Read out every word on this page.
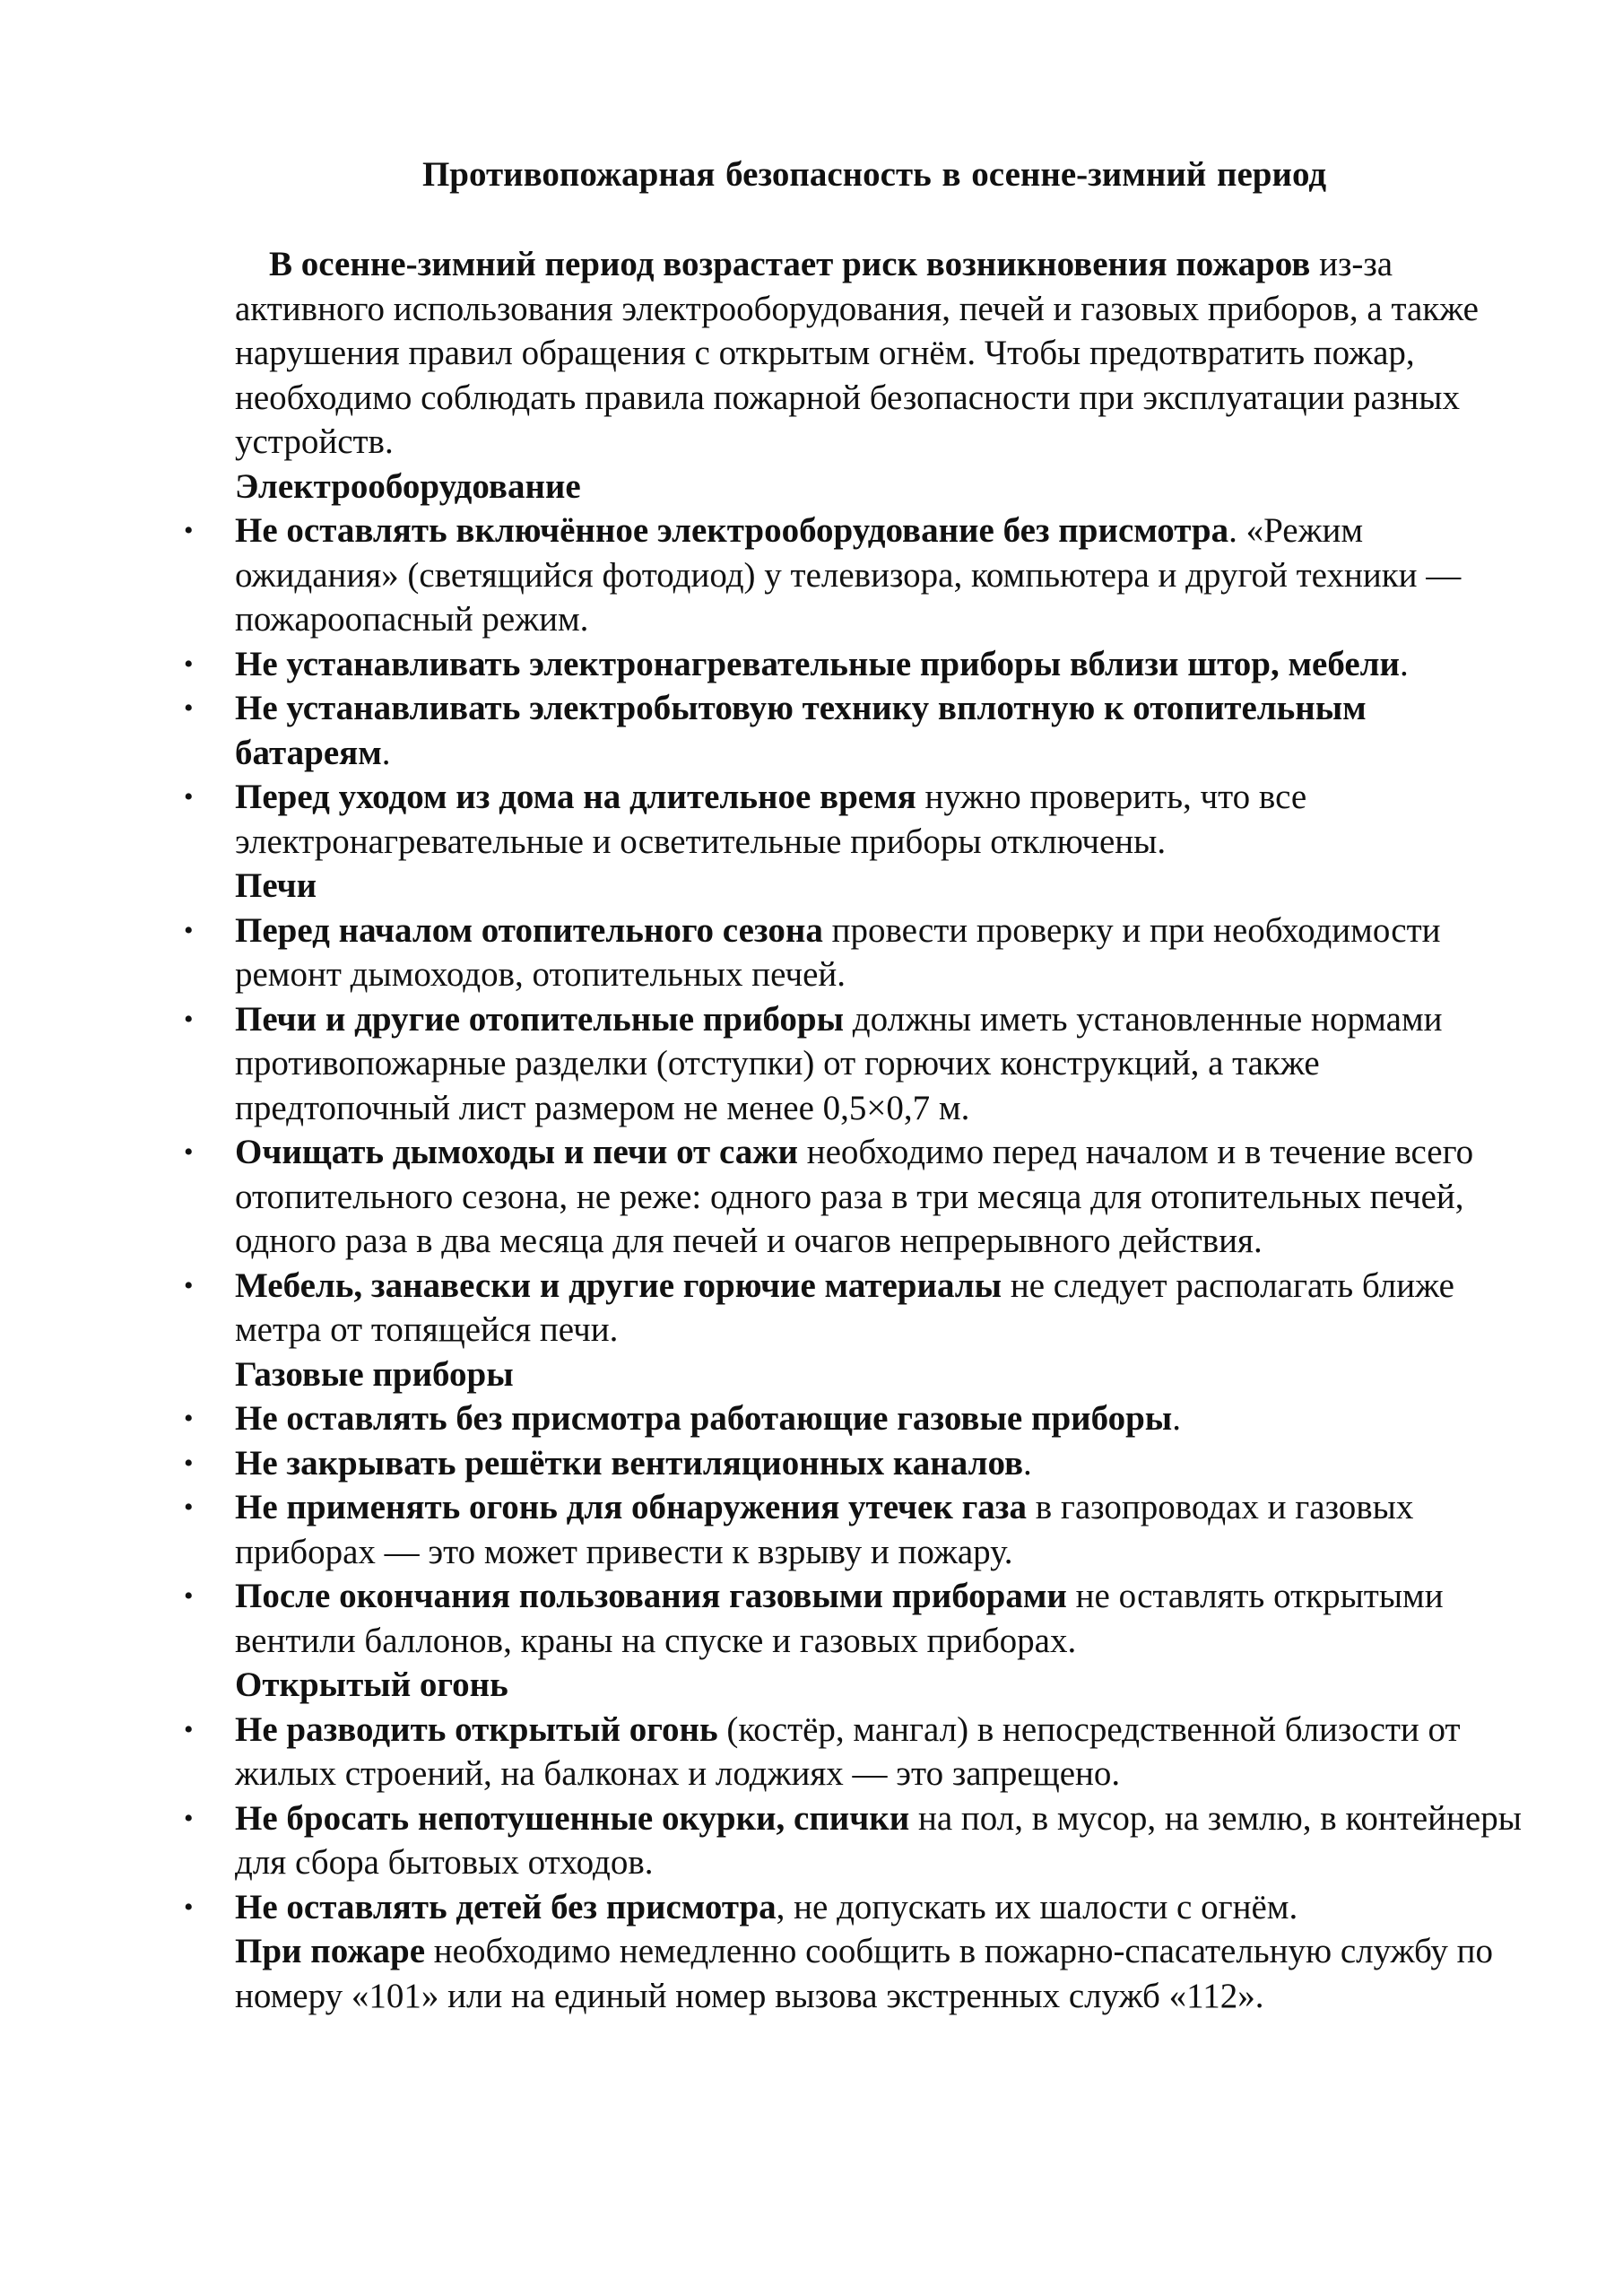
Противопожарная безопасность в осенне-зимний период

В осенне-зимний период возрастает риск возникновения пожаров из-за активного использования электрооборудования, печей и газовых приборов, а также нарушения правил обращения с открытым огнём. Чтобы предотвратить пожар, необходимо соблюдать правила пожарной безопасности при эксплуатации разных устройств.

Электрооборудование
• Не оставлять включённое электрооборудование без присмотра. «Режим ожидания» (светящийся фотодиод) у телевизора, компьютера и другой техники — пожароопасный режим.
• Не устанавливать электронагревательные приборы вблизи штор, мебели.
• Не устанавливать электробытовую технику вплотную к отопительным батареям.
• Перед уходом из дома на длительное время нужно проверить, что все электронагревательные и осветительные приборы отключены.
Печи
• Перед началом отопительного сезона провести проверку и при необходимости ремонт дымоходов, отопительных печей.
• Печи и другие отопительные приборы должны иметь установленные нормами противопожарные разделки (отступки) от горючих конструкций, а также предтопочный лист размером не менее 0,5×0,7 м.
• Очищать дымоходы и печи от сажи необходимо перед началом и в течение всего отопительного сезона, не реже: одного раза в три месяца для отопительных печей, одного раза в два месяца для печей и очагов непрерывного действия.
• Мебель, занавески и другие горючие материалы не следует располагать ближе метра от топящейся печи.
Газовые приборы
• Не оставлять без присмотра работающие газовые приборы.
• Не закрывать решётки вентиляционных каналов.
• Не применять огонь для обнаружения утечек газа в газопроводах и газовых приборах — это может привести к взрыву и пожару.
• После окончания пользования газовыми приборами не оставлять открытыми вентили баллонов, краны на спуске и газовых приборах.
Открытый огонь
• Не разводить открытый огонь (костёр, мангал) в непосредственной близости от жилых строений, на балконах и лоджиях — это запрещено.
• Не бросать непотушенные окурки, спички на пол, в мусор, на землю, в контейнеры для сбора бытовых отходов.
• Не оставлять детей без присмотра, не допускать их шалости с огнём.

При пожаре необходимо немедленно сообщить в пожарно-спасательную службу по номеру «101» или на единый номер вызова экстренных служб «112».
